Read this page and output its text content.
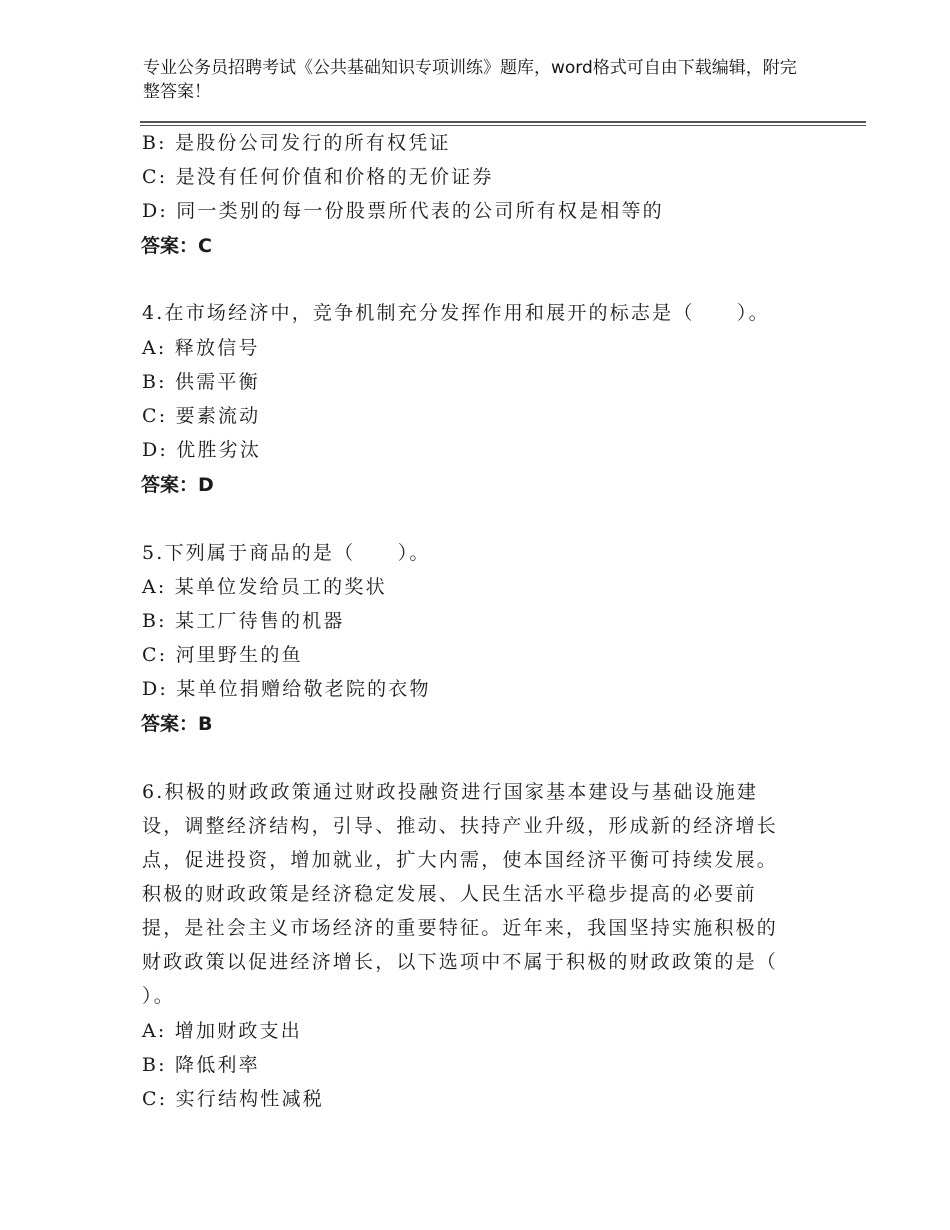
专业公务员招聘考试《公共基础知识专项训练》题库，word格式可自由下载编辑，附完整答案！
B: 是股份公司发行的所有权凭证
C: 是没有任何价值和价格的无价证券
D: 同一类别的每一份股票所代表的公司所有权是相等的
答案：C
4.在市场经济中，竞争机制充分发挥作用和展开的标志是（　　）。
A: 释放信号
B: 供需平衡
C: 要素流动
D: 优胜劣汰
答案：D
5.下列属于商品的是（　　）。
A: 某单位发给员工的奖状
B: 某工厂待售的机器
C: 河里野生的鱼
D: 某单位捐赠给敬老院的衣物
答案：B
6.积极的财政政策通过财政投融资进行国家基本建设与基础设施建
设，调整经济结构，引导、推动、扶持产业升级，形成新的经济增长
点，促进投资，增加就业，扩大内需，使本国经济平衡可持续发展。
积极的财政政策是经济稳定发展、人民生活水平稳步提高的必要前
提，是社会主义市场经济的重要特征。近年来，我国坚持实施积极的
财政政策以促进经济增长，以下选项中不属于积极的财政政策的是（
）。
A: 增加财政支出
B: 降低利率
C: 实行结构性减税
